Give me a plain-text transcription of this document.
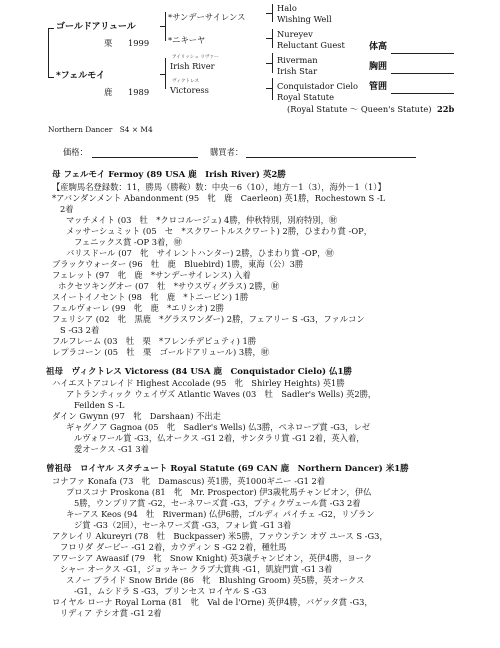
ゴールドアリュール
栗 1999
*フェルモイ
鹿 1989
*サンデーサイレンス
*ニキーヤ
アイリッシュ リヴァー
Irish River
ヴィクトレス
Victoress
Halo
Wishing Well
Nureyev
Reluctant Guest
Riverman
Irish Star
Conquistador Cielo
Royal Statute
(Royal Statute ～ Queen's Statute) 22b
体高
胸囲
管囲
Northern Dancer　S4 × M4
価格：	購買者：
母 フェルモイ Fermoy (89 USA 鹿　Irish River) 英2勝
【産駒馬名登録数：11，勝馬（勝鞍）数：中央－6（10），地方－1（3），海外－1（1）】
*アバンダンメント Abandonment (95　牝　鹿　Caerleon) 英1勝，Rochestown S -L
2着
マッチメイト (03　牡　*クロコルージュ) 4勝，仲秋特別，別府特別，㊖
メッサーシュミット (05　セ　*スクワートルスクワート) 2勝，ひまわり賞 -OP，
フェニックス賞 -OP 3着，㊖
バリスドール (07　牝　サイレントハンター) 2勝，ひまわり賞 -OP，㊖
ブラックウォーター (96　牡　鹿　Bluebird) 1勝，東海（公）3勝
フェレット (97　牝　鹿　*サンデーサイレンス) 入着
ホクセツキングオー (07　牡　*サウスヴィグラス) 2勝，㊖
スイートイノセント (98　牝　鹿　*トニービン) 1勝
フェルヴォーレ (99　牝　鹿　*エリシオ) 2勝
フェリシア (02　牝　黒鹿　*グラスワンダー) 2勝，フェアリー S -G3，ファルコン
S -G3 2着
フルフレーム (03　牡　栗　*フレンチデピュティ) 1勝
レプラコーン (05　牡　栗　ゴールドアリュール) 3勝，㊖
祖母　ヴィクトレス Victoress (84 USA 鹿　Conquistador Cielo) 仏1勝
ハイエストアコレイド Highest Accolade (95　牝　Shirley Heights) 英1勝
アトランティック ウェイヴズ Atlantic Waves (03　牡　Sadler's Wells) 英2勝，
Feilden S -L
ダイン Gwynn (97　牝　Darshaan) 不出走
ギャグノア Gagnoa (05　牝　Sadler's Wells) 仏3勝，ペネロープ賞 -G3，レゼ
ルヴォワール賞 -G3，仏オークス -G1 2着，サンタラリ賞 -G1 2着，英入着，
愛オークス -G1 3着
曾祖母　ロイヤル スタチュート Royal Statute (69 CAN 鹿　Northern Dancer) 米1勝
コナファ Konafa (73　牝　Damascus) 英1勝，英1000ギニー -G1 2着
プロスコナ Proskona (81　牝　Mr. Prospector) 伊3歳牝馬チャンピオン，伊仏
5勝，ウンブリア賞 -G2，セーネワーズ賞 -G3，プティクヴェール賞 -G3 2着
キーアス Keos (94　牡　Riverman) 仏伊6勝，ゴルディ パイチェ -G2，リゾラン
ジ賞 -G3（2回），セーネワーズ賞 -G3，フォレ賞 -G1 3着
アクレイリ Akureyri (78　牡　Buckpasser) 米5勝，ファウンテン オヴ ユース S -G3，
フロリダ ダービー -G1 2着，カウディン S -G2 2着，種牡馬
アワーシア Awaasif (79　牝　Snow Knight) 英3歳チャンピオン，英伊4勝，ヨーク
シャー オークス -G1，ジョッキー クラブ大賞典 -G1，凱旋門賞 -G1 3着
スノー ブライド Snow Bride (86　牝　Blushing Groom) 英5勝，英オークス
-G1，ムシドラ S -G3，プリンセス ロイヤル S -G3
ロイヤル ローナ Royal Lorna (81　牝　Val de l'Orne) 英伊4勝，バゲッタ賞 -G3，
リディア テシオ賞 -G1 2着
